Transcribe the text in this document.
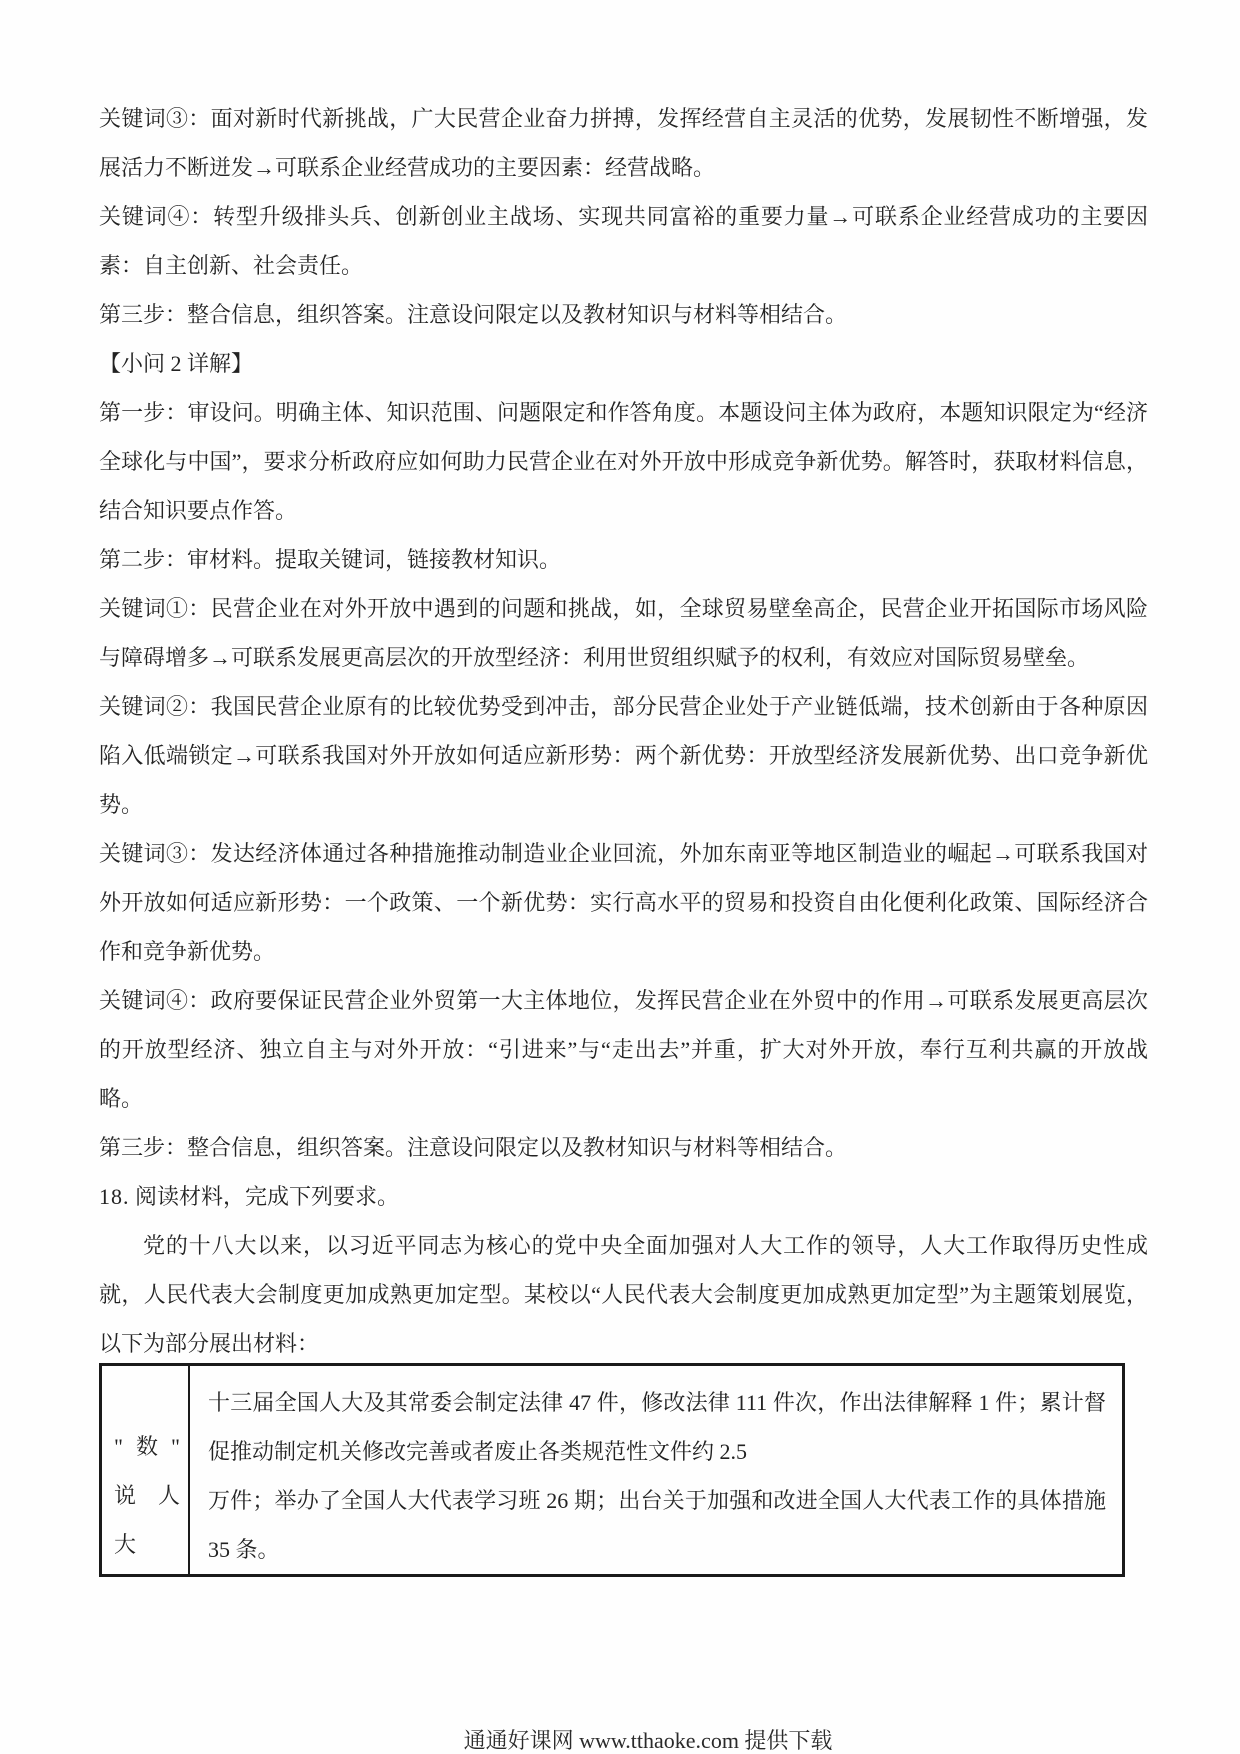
关键词③：面对新时代新挑战，广大民营企业奋力拼搏，发挥经营自主灵活的优势，发展韧性不断增强，发展活力不断迸发→可联系企业经营成功的主要因素：经营战略。

关键词④：转型升级排头兵、创新创业主战场、实现共同富裕的重要力量→可联系企业经营成功的主要因素：自主创新、社会责任。

第三步：整合信息，组织答案。注意设问限定以及教材知识与材料等相结合。

【小问 2 详解】

第一步：审设问。明确主体、知识范围、问题限定和作答角度。本题设问主体为政府，本题知识限定为“经济全球化与中国”，要求分析政府应如何助力民营企业在对外开放中形成竞争新优势。解答时，获取材料信息，结合知识要点作答。

第二步：审材料。提取关键词，链接教材知识。

关键词①：民营企业在对外开放中遇到的问题和挑战，如，全球贸易壁垒高企，民营企业开拓国际市场风险与障碍增多→可联系发展更高层次的开放型经济：利用世贸组织赋予的权利，有效应对国际贸易壁垒。

关键词②：我国民营企业原有的比较优势受到冲击，部分民营企业处于产业链低端，技术创新由于各种原因陷入低端锁定→可联系我国对外开放如何适应新形势：两个新优势：开放型经济发展新优势、出口竞争新优势。

关键词③：发达经济体通过各种措施推动制造业企业回流，外加东南亚等地区制造业的崛起→可联系我国对外开放如何适应新形势：一个政策、一个新优势：实行高水平的贸易和投资自由化便利化政策、国际经济合作和竞争新优势。

关键词④：政府要保证民营企业外贸第一大主体地位，发挥民营企业在外贸中的作用→可联系发展更高层次的开放型经济、独立自主与对外开放：“引进来”与“走出去”并重，扩大对外开放，奉行互利共赢的开放战略。

第三步：整合信息，组织答案。注意设问限定以及教材知识与材料等相结合。

18. 阅读材料，完成下列要求。

党的十八大以来，以习近平同志为核心的党中央全面加强对人大工作的领导，人大工作取得历史性成就，人民代表大会制度更加成熟更加定型。某校以“人民代表大会制度更加成熟更加定型”为主题策划展览，以下为部分展出材料：

"数"
说人
大

十三届全国人大及其常委会制定法律 47 件，修改法律 111 件次，作出法律解释 1 件；累计督促推动制定机关修改完善或者废止各类规范性文件约 2.5

万件；举办了全国人大代表学习班 26 期；出台关于加强和改进全国人大代表工作的具体措施 35 条。

通通好课网 www.tthaoke.com 提供下载
